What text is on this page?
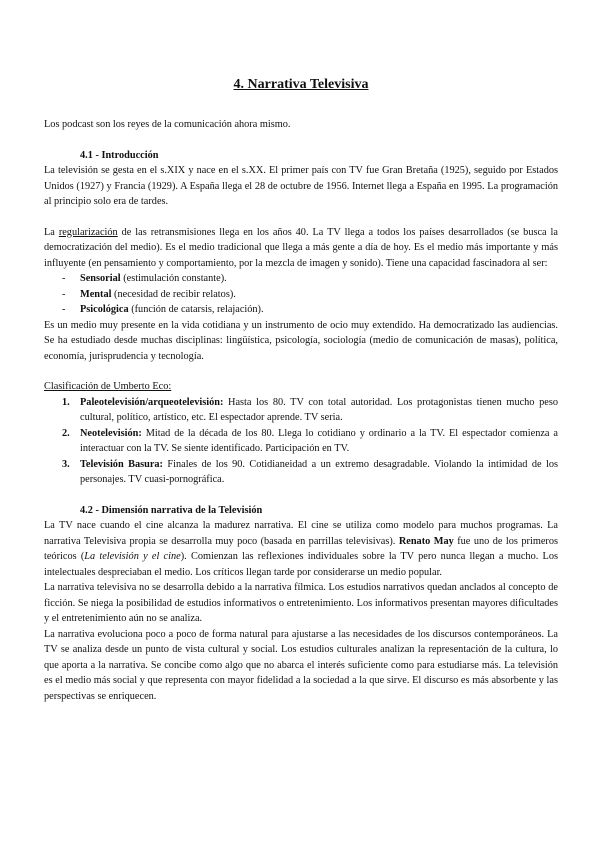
4. Narrativa Televisiva

Los podcast son los reyes de la comunicación ahora mismo.

4.1 - Introducción

La televisión se gesta en el s.XIX y nace en el s.XX. El primer país con TV fue Gran Bretaña (1925), seguido por Estados Unidos (1927) y Francia (1929). A España llega el 28 de octubre de 1956. Internet llega a España en 1995. La programación al principio solo era de tardes.

La regularización de las retransmisiones llega en los años 40. La TV llega a todos los países desarrollados (se busca la democratización del medio). Es el medio tradicional que llega a más gente a día de hoy. Es el medio más importante y más influyente (en pensamiento y comportamiento, por la mezcla de imagen y sonido). Tiene una capacidad fascinadora al ser:

- Sensorial (estimulación constante).
- Mental (necesidad de recibir relatos).
- Psicológica (función de catarsis, relajación).

Es un medio muy presente en la vida cotidiana y un instrumento de ocio muy extendido. Ha democratizado las audiencias. Se ha estudiado desde muchas disciplinas: lingüística, psicología, sociología (medio de comunicación de masas), política, economía, jurisprudencia y tecnología.

Clasificación de Umberto Eco:

1. Paleotelevisión/arqueotelevisión: Hasta los 80. TV con total autoridad. Los protagonistas tienen mucho peso cultural, político, artístico, etc. El espectador aprende. TV seria.
2. Neotelevisión: Mitad de la década de los 80. Llega lo cotidiano y ordinario a la TV. El espectador comienza a interactuar con la TV. Se siente identificado. Participación en TV.
3. Televisión Basura: Finales de los 90. Cotidianeidad a un extremo desagradable. Violando la intimidad de los personajes. TV cuasi-pornográfica.

4.2 - Dimensión narrativa de la Televisión

La TV nace cuando el cine alcanza la madurez narrativa. El cine se utiliza como modelo para muchos programas. La narrativa Televisiva propia se desarrolla muy poco (basada en parrillas televisivas). Renato May fue uno de los primeros teóricos (La televisión y el cine). Comienzan las reflexiones individuales sobre la TV pero nunca llegan a mucho. Los intelectuales despreciaban el medio. Los críticos llegan tarde por considerarse un medio popular.

La narrativa televisiva no se desarrolla debido a la narrativa fílmica. Los estudios narrativos quedan anclados al concepto de ficción. Se niega la posibilidad de estudios informativos o entretenimiento. Los informativos presentan mayores dificultades y el entretenimiento aún no se analiza.

La narrativa evoluciona poco a poco de forma natural para ajustarse a las necesidades de los discursos contemporáneos. La TV se analiza desde un punto de vista cultural y social. Los estudios culturales analizan la representación de la cultura, lo que aporta a la narrativa. Se concibe como algo que no abarca el interés suficiente como para estudiarse más. La televisión es el medio más social y que representa con mayor fidelidad a la sociedad a la que sirve. El discurso es más absorbente y las perspectivas se enriquecen.
